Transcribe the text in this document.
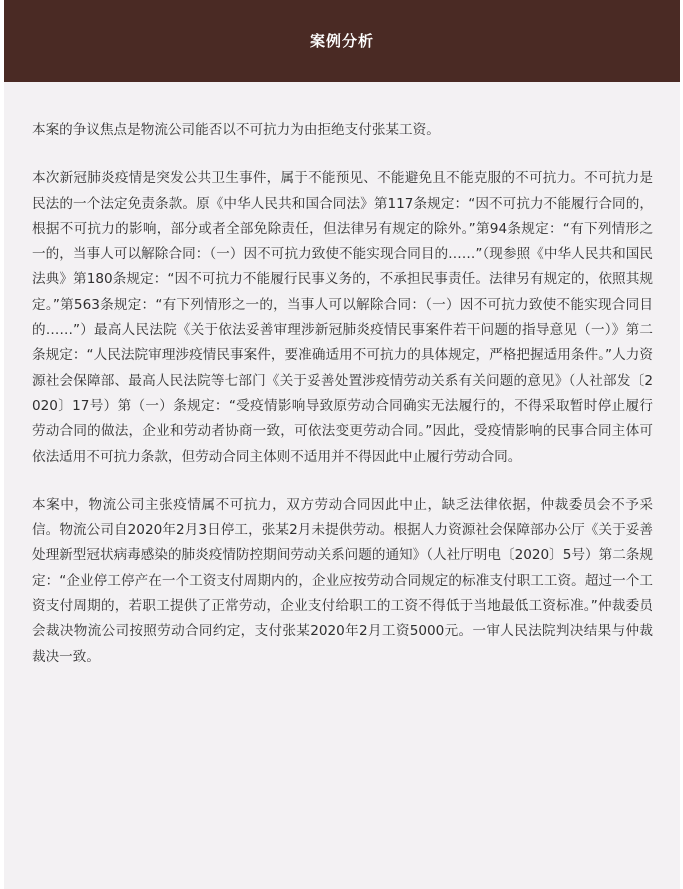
案例分析

本案的争议焦点是物流公司能否以不可抗力为由拒绝支付张某工资。

本次新冠肺炎疫情是突发公共卫生事件，属于不能预见、不能避免且不能克服的不可抗力。不可抗力是民法的一个法定免责条款。原《中华人民共和国合同法》第117条规定：“因不可抗力不能履行合同的，根据不可抗力的影响，部分或者全部免除责任，但法律另有规定的除外。”第94条规定：“有下列情形之一的，当事人可以解除合同：（一）因不可抗力致使不能实现合同目的……”（现参照《中华人民共和国民法典》第180条规定：“因不可抗力不能履行民事义务的，不承担民事责任。法律另有规定的，依照其规定。”第563条规定：“有下列情形之一的，当事人可以解除合同：（一）因不可抗力致使不能实现合同目的……”）最高人民法院《关于依法妥善审理涉新冠肺炎疫情民事案件若干问题的指导意见（一）》第二条规定：“人民法院审理涉疫情民事案件，要准确适用不可抗力的具体规定，严格把握适用条件。”人力资源社会保障部、最高人民法院等七部门《关于妥善处置涉疫情劳动关系有关问题的意见》（人社部发〔2020〕17号）第（一）条规定：“受疫情影响导致原劳动合同确实无法履行的，不得采取暂时停止履行劳动合同的做法，企业和劳动者协商一致，可依法变更劳动合同。”因此，受疫情影响的民事合同主体可依法适用不可抗力条款，但劳动合同主体则不适用并不得因此中止履行劳动合同。

本案中，物流公司主张疫情属不可抗力，双方劳动合同因此中止，缺乏法律依据，仲裁委员会不予采信。物流公司自2020年2月3日停工，张某2月未提供劳动。根据人力资源社会保障部办公厅《关于妥善处理新型冠状病毒感染的肺炎疫情防控期间劳动关系问题的通知》（人社厅明电〔2020〕5号）第二条规定：“企业停工停产在一个工资支付周期内的，企业应按劳动合同规定的标准支付职工工资。超过一个工资支付周期的，若职工提供了正常劳动，企业支付给职工的工资不得低于当地最低工资标准。”仲裁委员会裁决物流公司按照劳动合同约定，支付张某2020年2月工资5000元。一审人民法院判决结果与仲裁裁决一致。
